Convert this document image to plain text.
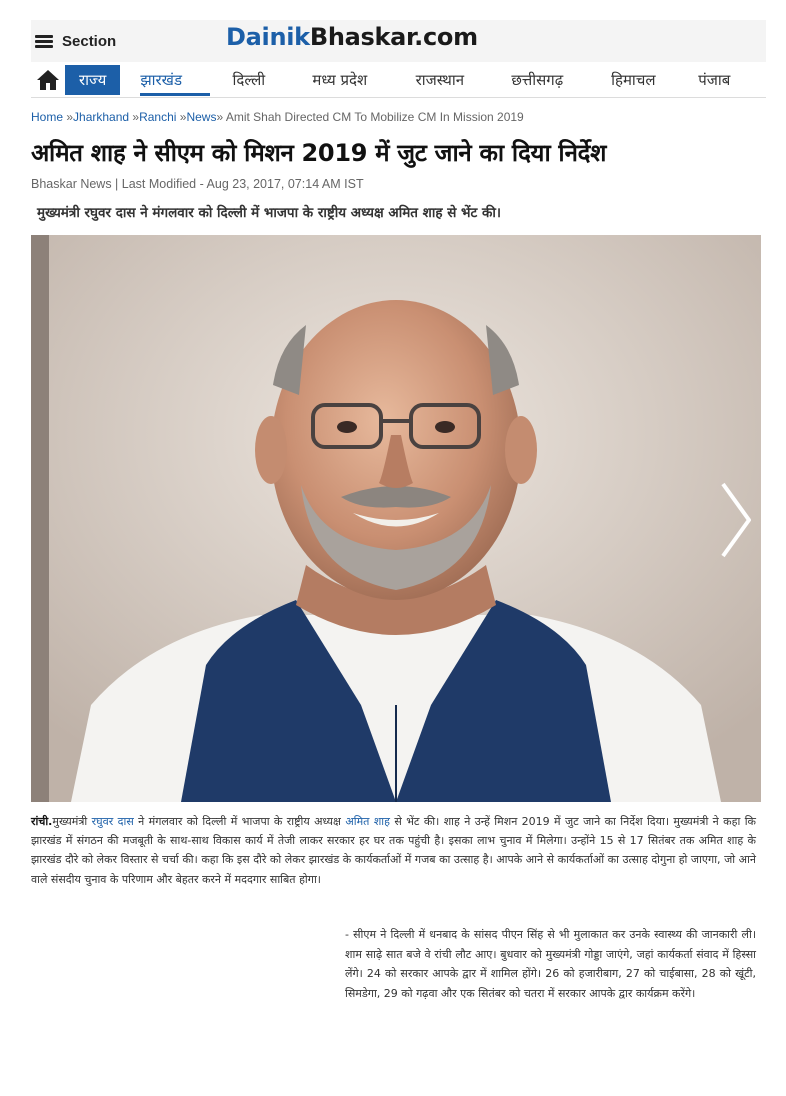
Section	DainikBhaskar.com
राज्य	झारखंड	दिल्ली	मध्य प्रदेश	राजस्थान	छत्तीसगढ़	हिमाचल	पंजाब
Home »Jharkhand »Ranchi »News» Amit Shah Directed CM To Mobilize CM In Mission 2019
अमित शाह ने सीएम को मिशन 2019 में जुट जाने का दिया निर्देश
Bhaskar News | Last Modified - Aug 23, 2017, 07:14 AM IST
मुख्यमंत्री रघुवर दास ने मंगलवार को दिल्ली में भाजपा के राष्ट्रीय अध्यक्ष अमित शाह से भेंट की।
रांची.मुख्यमंत्री रघुवर दास ने मंगलवार को दिल्ली में भाजपा के राष्ट्रीय अध्यक्ष अमित शाह से भेंट की। शाह ने उन्हें मिशन 2019 में जुट जाने का निर्देश दिया। मुख्यमंत्री ने कहा कि झारखंड में संगठन की मजबूती के साथ-साथ विकास कार्य में तेजी लाकर सरकार हर घर तक पहुंची है। इसका लाभ चुनाव में मिलेगा। उन्होंने 15 से 17 सितंबर तक अमित शाह के झारखंड दौरे को लेकर विस्तार से चर्चा की। कहा कि इस दौरे को लेकर झारखंड के कार्यकर्ताओं में गजब का उत्साह है। आपके आने से कार्यकर्ताओं का उत्साह दोगुना हो जाएगा, जो आने वाले संसदीय चुनाव के परिणाम और बेहतर करने में मददगार साबित होगा।
- सीएम ने दिल्ली में धनबाद के सांसद पीएन सिंह से भी मुलाकात कर उनके स्वास्थ्य की जानकारी ली। शाम साढ़े सात बजे वे रांची लौट आए। बुधवार को मुख्यमंत्री गोड्डा जाएंगे, जहां कार्यकर्ता संवाद में हिस्सा लेंगे। 24 को सरकार आपके द्वार में शामिल होंगे। 26 को हजारीबाग, 27 को चाईबासा, 28 को खूंटी, सिमडेगा, 29 को गढ़वा और एक सितंबर को चतरा में सरकार आपके द्वार कार्यक्रम करेंगे।
